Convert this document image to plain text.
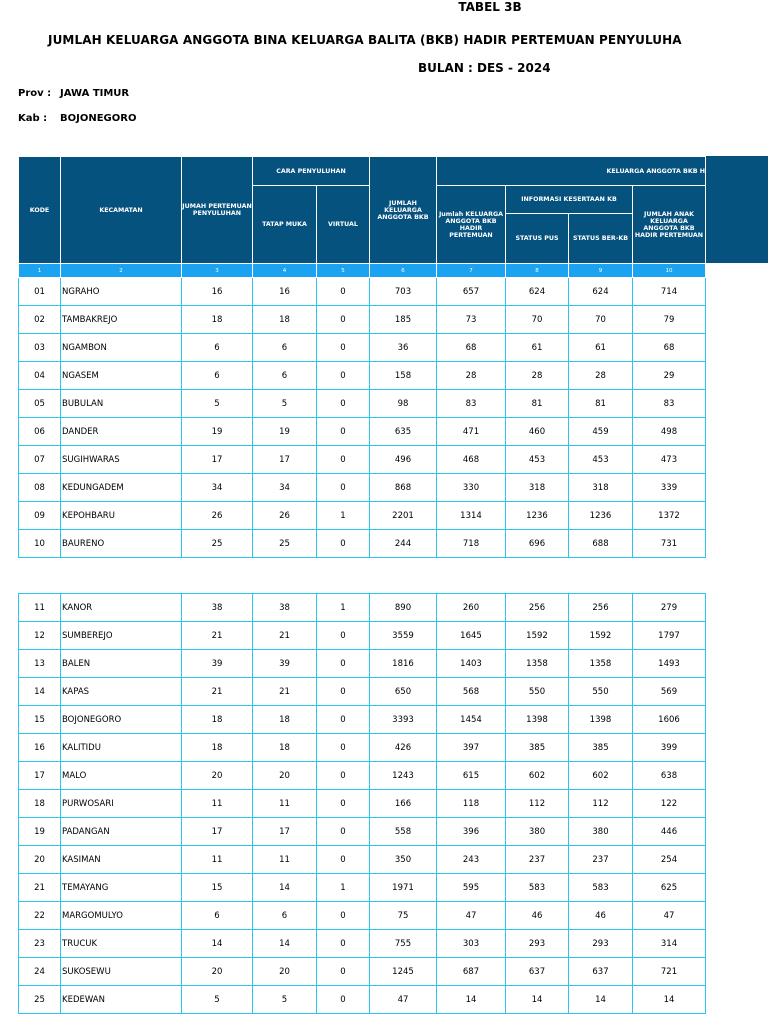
TABEL 3B
JUMLAH KELUARGA ANGGOTA BINA KELUARGA BALITA (BKB) HADIR PERTEMUAN PENYULUHA
BULAN : DES - 2024
Prov : JAWA TIMUR
Kab : BOJONEGORO
KODE	KECAMATAN	JUMAH PERTEMUAN PENYULUHAN	CARA PENYULUHAN		JUMLAH KELUARGA ANGGOTA BKB	KELUARGA ANGGOTA BKB H			
			TATAP MUKA	VIRTUAL		Jumlah KELUARGA ANGGOTA BKB HADIR PERTEMUAN	INFORMASI KESERTAAN KB		JUMLAH ANAK KELUARGA ANGGOTA BKB HADIR PERTEMUAN
							STATUS PUS	STATUS BER-KB	
1	2	3	4	5	6	7	8	9	10
01	NGRAHO	16	16	0	703	657	624	624	714
02	TAMBAKREJO	18	18	0	185	73	70	70	79
03	NGAMBON	6	6	0	36	68	61	61	68
04	NGASEM	6	6	0	158	28	28	28	29
05	BUBULAN	5	5	0	98	83	81	81	83
06	DANDER	19	19	0	635	471	460	459	498
07	SUGIHWARAS	17	17	0	496	468	453	453	473
08	KEDUNGADEM	34	34	0	868	330	318	318	339
09	KEPOHBARU	26	26	1	2201	1314	1236	1236	1372
10	BAURENO	25	25	0	244	718	696	688	731
11	KANOR	38	38	1	890	260	256	256	279
12	SUMBEREJO	21	21	0	3559	1645	1592	1592	1797
13	BALEN	39	39	0	1816	1403	1358	1358	1493
14	KAPAS	21	21	0	650	568	550	550	569
15	BOJONEGORO	18	18	0	3393	1454	1398	1398	1606
16	KALITIDU	18	18	0	426	397	385	385	399
17	MALO	20	20	0	1243	615	602	602	638
18	PURWOSARI	11	11	0	166	118	112	112	122
19	PADANGAN	17	17	0	558	396	380	380	446
20	KASIMAN	11	11	0	350	243	237	237	254
21	TEMAYANG	15	14	1	1971	595	583	583	625
22	MARGOMULYO	6	6	0	75	47	46	46	47
23	TRUCUK	14	14	0	755	303	293	293	314
24	SUKOSEWU	20	20	0	1245	687	637	637	721
25	KEDEWAN	5	5	0	47	14	14	14	14
